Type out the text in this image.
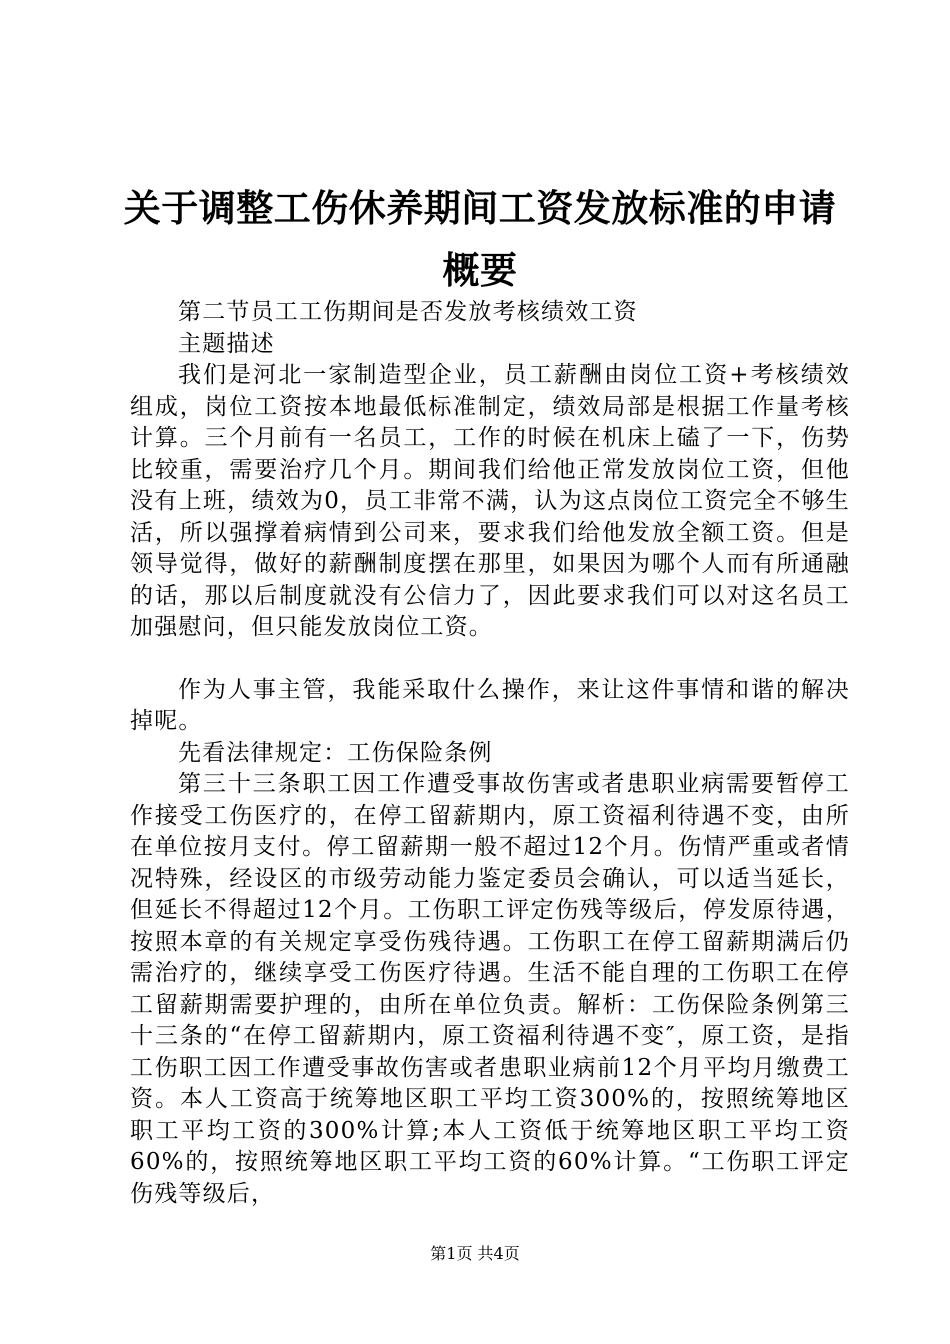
关于调整工伤休养期间工资发放标准的申请概要

第二节员工工伤期间是否发放考核绩效工资

主题描述

我们是河北一家制造型企业，员工薪酬由岗位工资+考核绩效组成，岗位工资按本地最低标准制定，绩效局部是根据工作量考核计算。三个月前有一名员工，工作的时候在机床上磕了一下，伤势比较重，需要治疗几个月。期间我们给他正常发放岗位工资，但他没有上班，绩效为0，员工非常不满，认为这点岗位工资完全不够生活，所以强撑着病情到公司来，要求我们给他发放全额工资。但是领导觉得，做好的薪酬制度摆在那里，如果因为哪个人而有所通融的话，那以后制度就没有公信力了，因此要求我们可以对这名员工加强慰问，但只能发放岗位工资。

作为人事主管，我能采取什么操作，来让这件事情和谐的解决掉呢。

先看法律规定：工伤保险条例

第三十三条职工因工作遭受事故伤害或者患职业病需要暂停工作接受工伤医疗的，在停工留薪期内，原工资福利待遇不变，由所在单位按月支付。停工留薪期一般不超过12个月。伤情严重或者情况特殊，经设区的市级劳动能力鉴定委员会确认，可以适当延长，但延长不得超过12个月。工伤职工评定伤残等级后，停发原待遇，按照本章的有关规定享受伤残待遇。工伤职工在停工留薪期满后仍需治疗的，继续享受工伤医疗待遇。生活不能自理的工伤职工在停工留薪期需要护理的，由所在单位负责。解析：工伤保险条例第三十三条的“在停工留薪期内，原工资福利待遇不变″，原工资，是指工伤职工因工作遭受事故伤害或者患职业病前12个月平均月缴费工资。本人工资高于统筹地区职工平均工资300%的，按照统筹地区职工平均工资的300%计算;本人工资低于统筹地区职工平均工资60%的，按照统筹地区职工平均工资的60%计算。“工伤职工评定伤残等级后，

第1页 共4页
